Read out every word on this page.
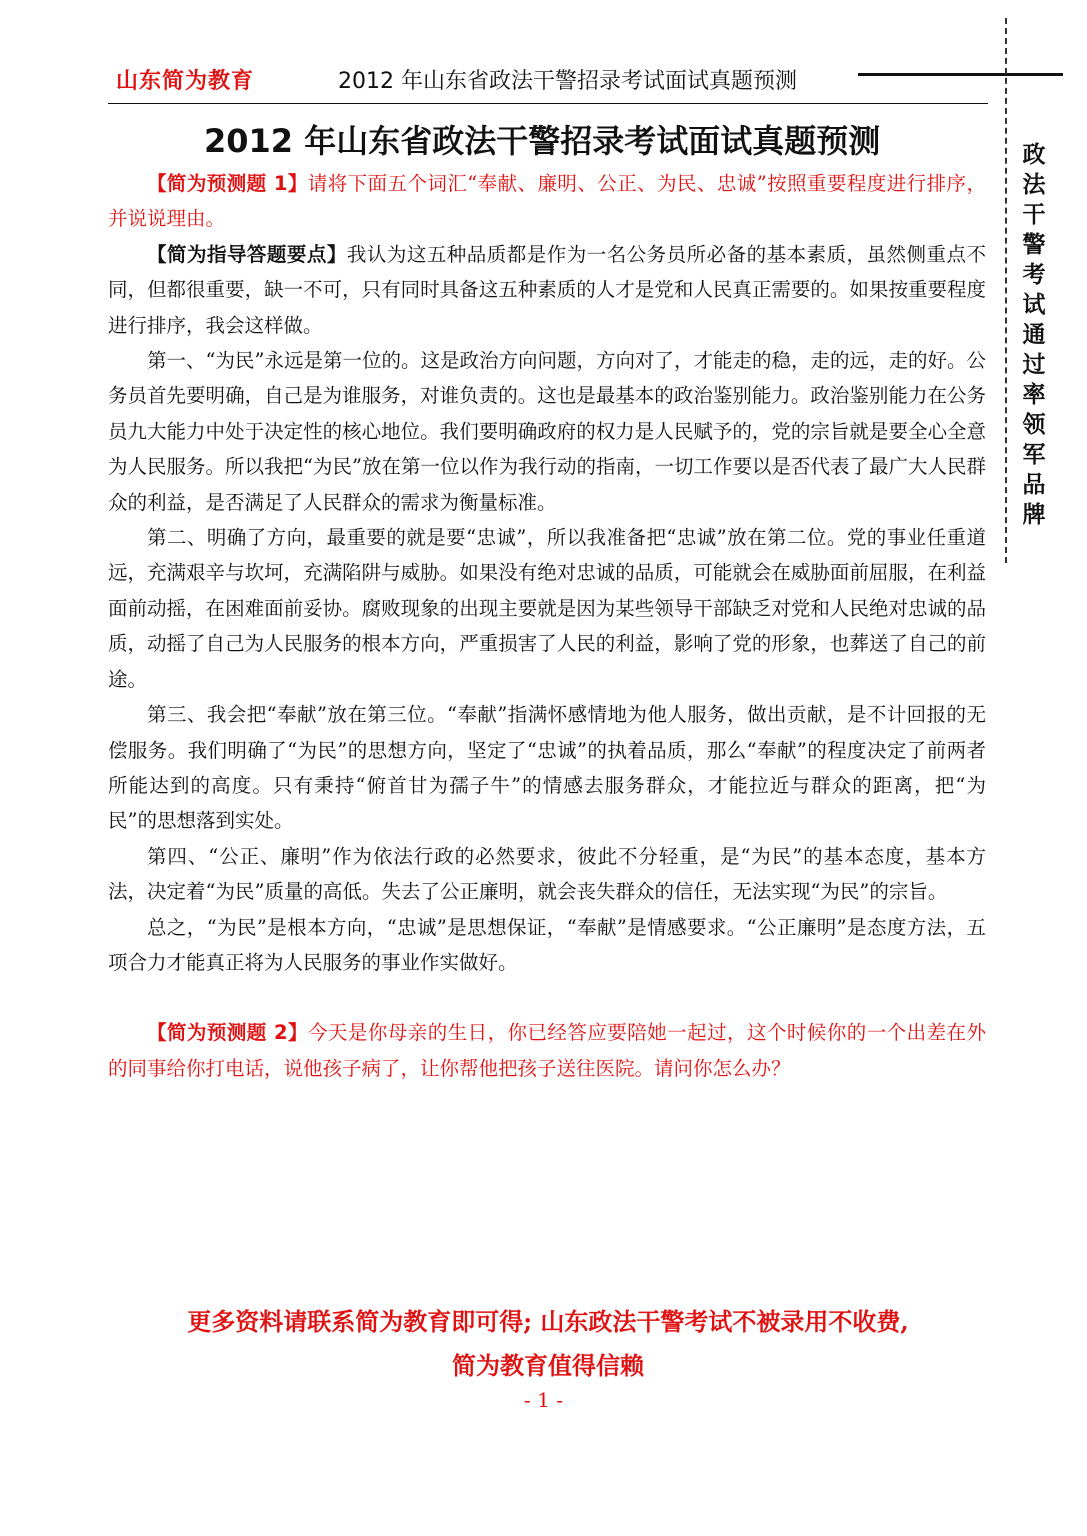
山东简为教育	2012 年山东省政法干警招录考试面试真题预测
政法干警考试通过率领军品牌
2012 年山东省政法干警招录考试面试真题预测

【简为预测题 1】请将下面五个词汇“奉献、廉明、公正、为民、忠诚”按照重要程度进行排序，并说说理由。

【简为指导答题要点】我认为这五种品质都是作为一名公务员所必备的基本素质，虽然侧重点不同，但都很重要，缺一不可，只有同时具备这五种素质的人才是党和人民真正需要的。如果按重要程度进行排序，我会这样做。

第一、“为民”永远是第一位的。这是政治方向问题，方向对了，才能走的稳，走的远，走的好。公务员首先要明确，自己是为谁服务，对谁负责的。这也是最基本的政治鉴别能力。政治鉴别能力在公务员九大能力中处于决定性的核心地位。我们要明确政府的权力是人民赋予的，党的宗旨就是要全心全意为人民服务。所以我把“为民”放在第一位以作为我行动的指南，一切工作要以是否代表了最广大人民群众的利益，是否满足了人民群众的需求为衡量标准。

第二、明确了方向，最重要的就是要“忠诚”，所以我准备把“忠诚”放在第二位。党的事业任重道远，充满艰辛与坎坷，充满陷阱与威胁。如果没有绝对忠诚的品质，可能就会在威胁面前屈服，在利益面前动摇，在困难面前妥协。腐败现象的出现主要就是因为某些领导干部缺乏对党和人民绝对忠诚的品质，动摇了自己为人民服务的根本方向，严重损害了人民的利益，影响了党的形象，也葬送了自己的前途。

第三、我会把“奉献”放在第三位。“奉献”指满怀感情地为他人服务，做出贡献，是不计回报的无偿服务。我们明确了“为民”的思想方向，坚定了“忠诚”的执着品质，那么“奉献”的程度决定了前两者所能达到的高度。只有秉持“俯首甘为孺子牛”的情感去服务群众，才能拉近与群众的距离，把“为民”的思想落到实处。

第四、“公正、廉明”作为依法行政的必然要求，彼此不分轻重，是“为民”的基本态度，基本方法，决定着“为民”质量的高低。失去了公正廉明，就会丧失群众的信任，无法实现“为民”的宗旨。

总之，“为民”是根本方向，“忠诚”是思想保证，“奉献”是情感要求。“公正廉明”是态度方法，五项合力才能真正将为人民服务的事业作实做好。

【简为预测题 2】今天是你母亲的生日，你已经答应要陪她一起过，这个时候你的一个出差在外的同事给你打电话，说他孩子病了，让你帮他把孩子送往医院。请问你怎么办？

更多资料请联系简为教育即可得; 山东政法干警考试不被录用不收费,
简为教育值得信赖
- 1 -
